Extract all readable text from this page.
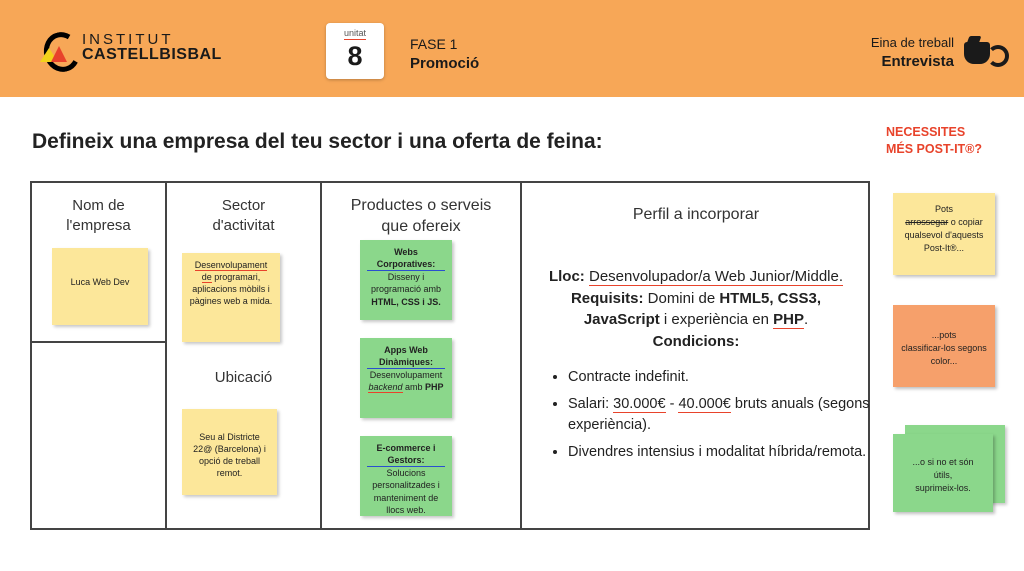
INSTITUT
CASTELLBISBAL
unitat
8	FASE 1
Promoció
Eina de treball
Entrevista
Defineix una empresa del teu sector i una oferta de feina:
Nom de
l'empresa
Luca Web Dev
Sector
d'activitat
Desenvolupament de programari, aplicacions mòbils i pàgines web a mida.
Ubicació
Seu al Districte 22@ (Barcelona) i opció de treball remot.
Productes o serveis
que ofereix
Webs Corporatives:
Disseny i programació amb HTML, CSS i JS.
Apps Web Dinàmiques:
Desenvolupament backend amb PHP
E-commerce i Gestors:
Solucions personalitzades i manteniment de llocs web.
Perfil a incorporar
Lloc: Desenvolupador/a Web Junior/Middle.
Requisits: Domini de HTML5, CSS3, JavaScript i experiència en PHP.
Condicions:
• Contracte indefinit.
• Salari: 30.000€ - 40.000€ bruts anuals (segons experiència).
• Divendres intensius i modalitat híbrida/remota.
NECESSITES
MÉS POST-IT®?
Pots
arrossegar o copiar qualsevol d'aquests Post-It®...
...pots
classificar-los segons color...
...o si no et són
útils,
suprimeix-los.
